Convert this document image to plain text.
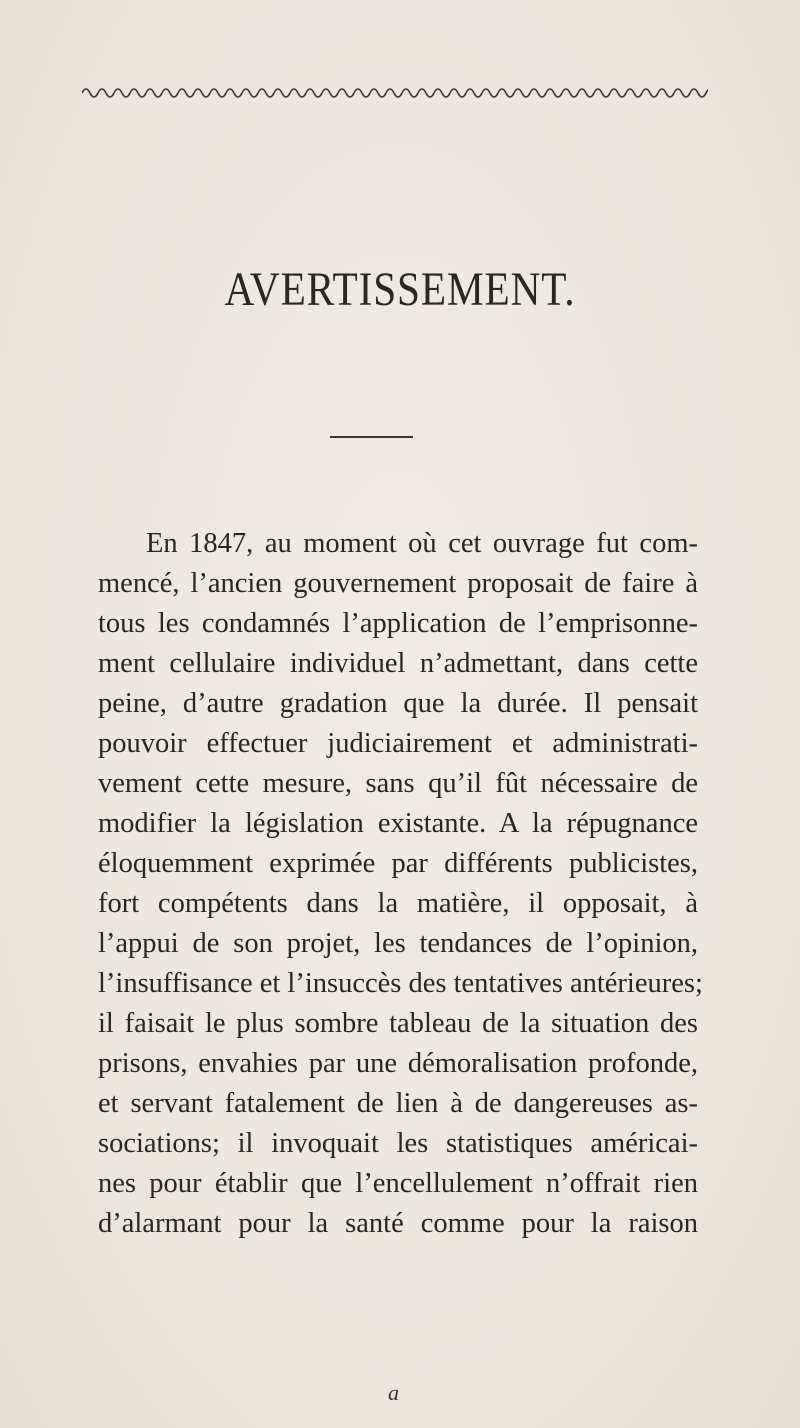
AVERTISSEMENT.
En 1847, au moment où cet ouvrage fut com-
mencé, l’ancien gouvernement proposait de faire à
tous les condamnés l’application de l’emprisonne-
ment cellulaire individuel n’admettant, dans cette
peine, d’autre gradation que la durée. Il pensait
pouvoir effectuer judiciairement et administrati-
vement cette mesure, sans qu’il fût nécessaire de
modifier la législation existante. A la répugnance
éloquemment exprimée par différents publicistes,
fort compétents dans la matière, il opposait, à
l’appui de son projet, les tendances de l’opinion,
l’insuffisance et l’insuccès des tentatives antérieures;
il faisait le plus sombre tableau de la situation des
prisons, envahies par une démoralisation profonde,
et servant fatalement de lien à de dangereuses as-
sociations; il invoquait les statistiques américai-
nes pour établir que l’encellulement n’offrait rien
d’alarmant pour la santé comme pour la raison
a
